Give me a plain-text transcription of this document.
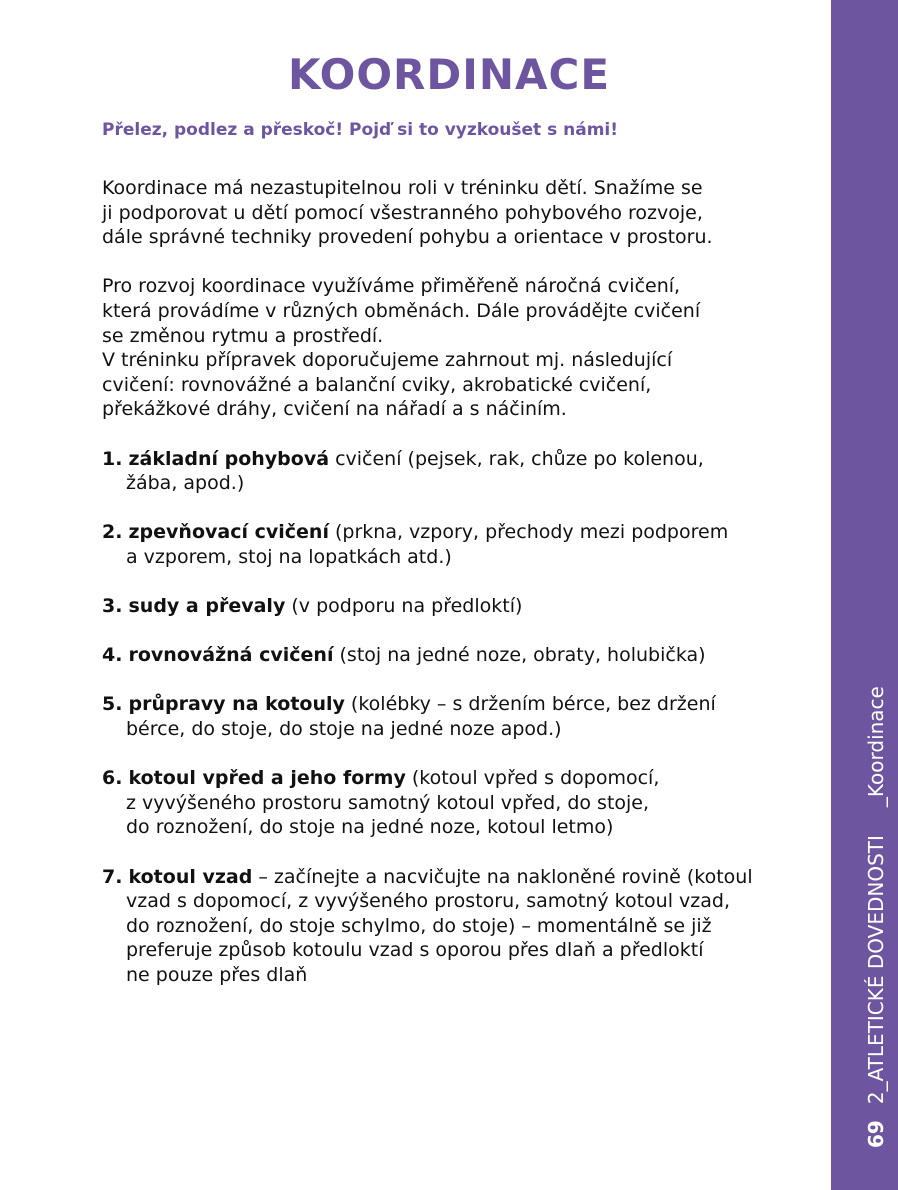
KOORDINACE

Přelez, podlez a přeskoč! Pojď si to vyzkoušet s námi!

Koordinace má nezastupitelnou roli v tréninku dětí. Snažíme se

ji podporovat u dětí pomocí všestranného pohybového rozvoje,

dále správné techniky provedení pohybu a orientace v prostoru.

Pro rozvoj koordinace využíváme přiměřeně náročná cvičení,

která provádíme v různých obměnách. Dále provádějte cvičení

se změnou rytmu a prostředí.

V tréninku přípravek doporučujeme zahrnout mj. následující

cvičení: rovnovážné a balanční cviky, akrobatické cvičení,

překážkové dráhy, cvičení na nářadí a s náčiním.

1. základní pohybová cvičení (pejsek, rak, chůze po kolenou,
žába, apod.)
2. zpevňovací cvičení (prkna, vzpory, přechody mezi podporem
a vzporem, stoj na lopatkách atd.)
3. sudy a převaly (v podporu na předloktí)
4. rovnovážná cvičení (stoj na jedné noze, obraty, holubička)
5. průpravy na kotouly (kolébky – s držením bérce, bez držení
bérce, do stoje, do stoje na jedné noze apod.)
6. kotoul vpřed a jeho formy (kotoul vpřed s dopomocí,
z vyvýšeného prostoru samotný kotoul vpřed, do stoje,
do roznožení, do stoje na jedné noze, kotoul letmo)
7. kotoul vzad – začínejte a nacvičujte na nakloněné rovině (kotoul
vzad s dopomocí, z vyvýšeného prostoru, samotný kotoul vzad,
do roznožení, do stoje schylmo, do stoje) – momentálně se již
preferuje způsob kotoulu vzad s oporou přes dlaň a předloktí
ne pouze přes dlaň
692_ATLETICKÉ DOVEDNOSTI_Koordinace
